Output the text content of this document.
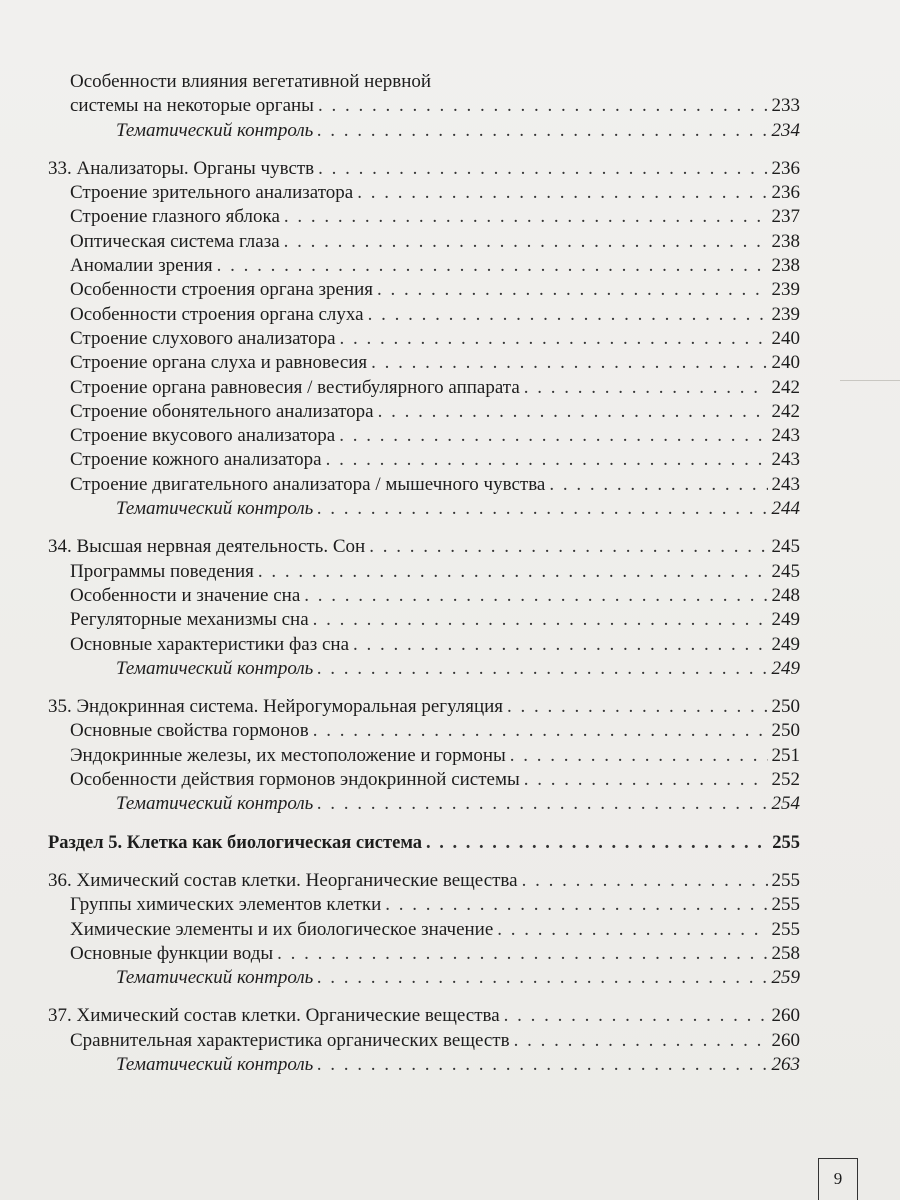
Особенности влияния вегетативной нервной
системы на некоторые органы . . .	233
Тематический контроль . . .	234
33. Анализаторы. Органы чувств . . .	236
Строение зрительного анализатора . . .	236
Строение глазного яблока . . .	237
Оптическая система глаза . . .	238
Аномалии зрения . . .	238
Особенности строения органа зрения . . .	239
Особенности строения органа слуха . . .	239
Строение слухового анализатора . . .	240
Строение органа слуха и равновесия . . .	240
Строение органа равновесия / вестибулярного аппарата . . .	242
Строение обонятельного анализатора . . .	242
Строение вкусового анализатора . . .	243
Строение кожного анализатора . . .	243
Строение двигательного анализатора / мышечного чувства . . .	243
Тематический контроль . . .	244
34. Высшая нервная деятельность. Сон . . .	245
Программы поведения . . .	245
Особенности и значение сна . . .	248
Регуляторные механизмы сна . . .	249
Основные характеристики фаз сна . . .	249
Тематический контроль . . .	249
35. Эндокринная система. Нейрогуморальная регуляция . . .	250
Основные свойства гормонов . . .	250
Эндокринные железы, их местоположение и гормоны . . .	251
Особенности действия гормонов эндокринной системы . . .	252
Тематический контроль . . .	254
Раздел 5. Клетка как биологическая система . . .	255
36. Химический состав клетки. Неорганические вещества . . .	255
Группы химических элементов клетки . . .	255
Химические элементы и их биологическое значение . . .	255
Основные функции воды . . .	258
Тематический контроль . . .	259
37. Химический состав клетки. Органические вещества . . .	260
Сравнительная характеристика органических веществ . . .	260
Тематический контроль . . .	263
9
